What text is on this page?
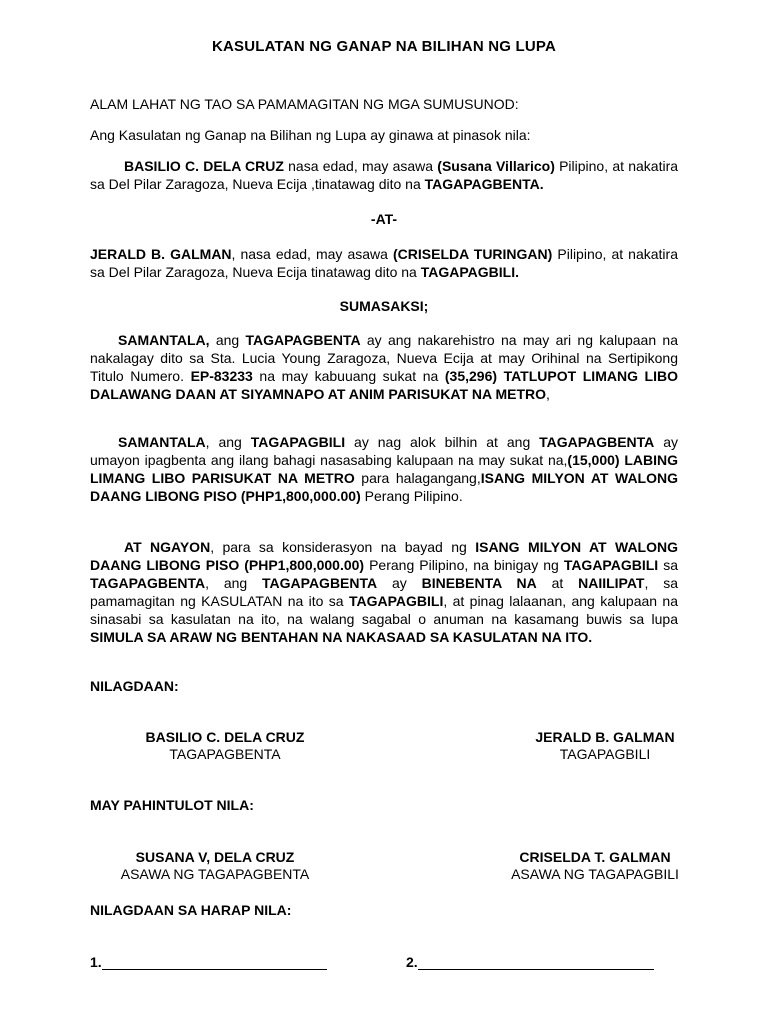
KASULATAN NG GANAP NA BILIHAN NG LUPA

ALAM LAHAT NG TAO SA PAMAMAGITAN NG MGA SUMUSUNOD:

Ang Kasulatan ng Ganap na Bilihan ng Lupa ay ginawa at pinasok nila:

BASILIO C. DELA CRUZ nasa edad, may asawa (Susana Villarico) Pilipino, at nakatira sa Del Pilar Zaragoza, Nueva Ecija ,tinatawag dito na TAGAPAGBENTA.

-AT-

JERALD B. GALMAN, nasa edad, may asawa (CRISELDA TURINGAN) Pilipino, at nakatira sa Del Pilar Zaragoza, Nueva Ecija tinatawag dito na TAGAPAGBILI.

SUMASAKSI;

SAMANTALA, ang TAGAPAGBENTA ay ang nakarehistro na may ari ng kalupaan na nakalagay dito sa Sta. Lucia Young Zaragoza, Nueva Ecija at may Orihinal na Sertipikong Titulo Numero. EP-83233 na may kabuuang sukat na (35,296) TATLUPOT LIMANG LIBO DALAWANG DAAN AT SIYAMNAPO AT ANIM PARISUKAT NA METRO,

SAMANTALA, ang TAGAPAGBILI ay nag alok bilhin at ang TAGAPAGBENTA ay umayon ipagbenta ang ilang bahagi nasasabing kalupaan na may sukat na,(15,000) LABING LIMANG LIBO PARISUKAT NA METRO para halagangang,ISANG MILYON AT WALONG DAANG LIBONG PISO (PHP1,800,000.00) Perang Pilipino.

AT NGAYON, para sa konsiderasyon na bayad ng ISANG MILYON AT WALONG DAANG LIBONG PISO (PHP1,800,000.00) Perang Pilipino, na binigay ng TAGAPAGBILI sa TAGAPAGBENTA, ang TAGAPAGBENTA ay BINEBENTA NA at NAIILIPAT, sa pamamagitan ng KASULATAN na ito sa TAGAPAGBILI, at pinag lalaanan, ang kalupaan na sinasabi sa kasulatan na ito, na walang sagabal o anuman na kasamang buwis sa lupa SIMULA SA ARAW NG BENTAHAN NA NAKASAAD SA KASULATAN NA ITO.

NILAGDAAN:
BASILIO C. DELA CRUZ
TAGAPAGBENTA
JERALD B. GALMAN
TAGAPAGBILI
MAY PAHINTULOT NILA:
SUSANA V, DELA CRUZ
ASAWA NG TAGAPAGBENTA
CRISELDA T. GALMAN
ASAWA NG TAGAPAGBILI
NILAGDAAN SA HARAP NILA:
1.	2.
